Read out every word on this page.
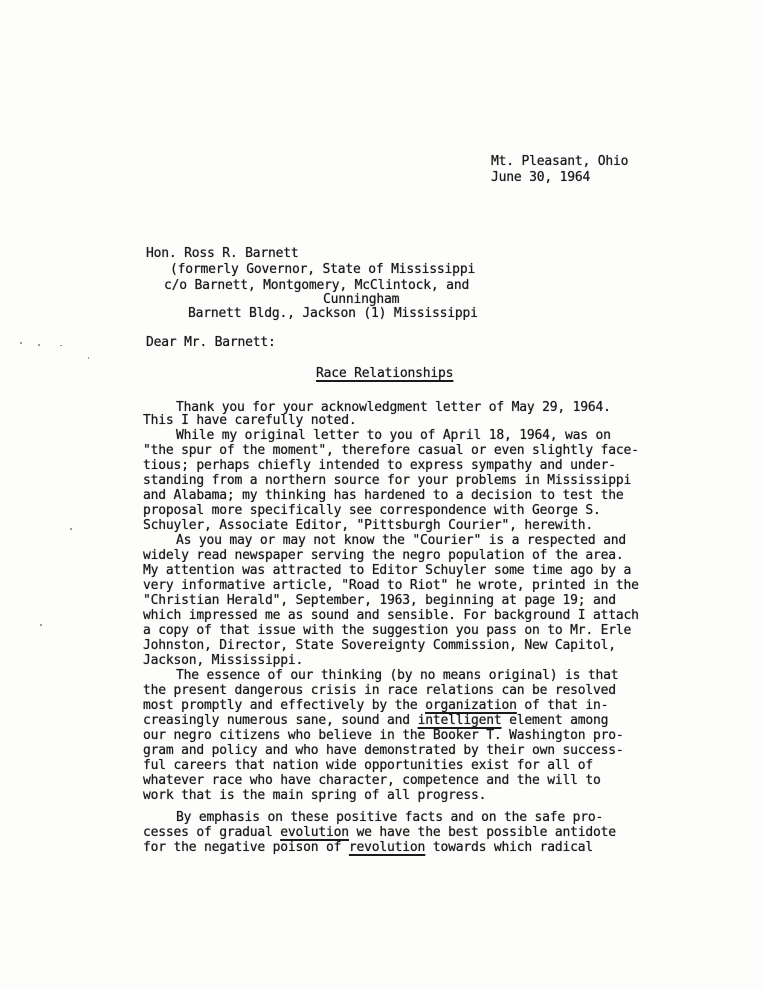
Mt. Pleasant, Ohio
June 30, 1964
Hon. Ross R. Barnett
(formerly Governor, State of Mississippi
c/o Barnett, Montgomery, McClintock, and
Cunningham
Barnett Bldg., Jackson (1) Mississippi
Dear Mr. Barnett:
Race Relationships
Thank you for your acknowledgment letter of May 29, 1964.
This I have carefully noted.
While my original letter to you of April 18, 1964, was on
"the spur of the moment", therefore casual or even slightly face-
tious; perhaps chiefly intended to express sympathy and under-
standing from a northern source for your problems in Mississippi
and Alabama; my thinking has hardened to a decision to test the
proposal more specifically see correspondence with George S.
Schuyler, Associate Editor, "Pittsburgh Courier", herewith.
As you may or may not know the "Courier" is a respected and
widely read newspaper serving the negro population of the area.
My attention was attracted to Editor Schuyler some time ago by a
very informative article, "Road to Riot" he wrote, printed in the
"Christian Herald", September, 1963, beginning at page 19; and
which impressed me as sound and sensible. For background I attach
a copy of that issue with the suggestion you pass on to Mr. Erle
Johnston, Director, State Sovereignty Commission, New Capitol,
Jackson, Mississippi.
The essence of our thinking (by no means original) is that
the present dangerous crisis in race relations can be resolved
most promptly and effectively by the organization of that in-
creasingly numerous sane, sound and intelligent element among
our negro citizens who believe in the Booker T. Washington pro-
gram and policy and who have demonstrated by their own success-
ful careers that nation wide opportunities exist for all of
whatever race who have character, competence and the will to
work that is the main spring of all progress.
By emphasis on these positive facts and on the safe pro-
cesses of gradual evolution we have the best possible antidote
for the negative poison of revolution towards which radical
